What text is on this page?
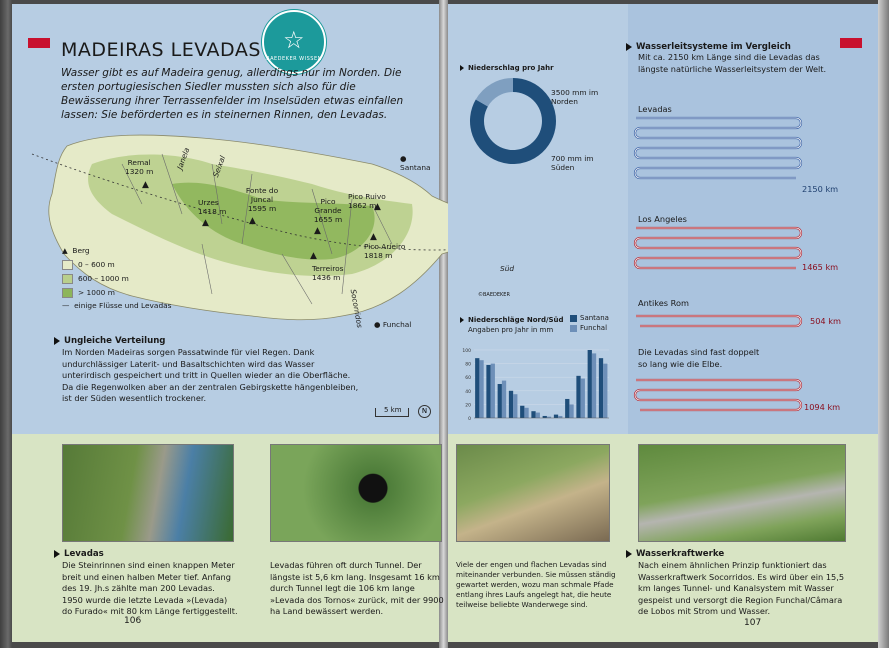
☆
BAEDEKER WISSEN
MADEIRAS LEVADAS

Wasser gibt es auf Madeira genug, allerdings nur im Norden. Die ersten portugiesischen Siedler mussten sich also für die Bewässerung ihrer Terrassenfelder im Inselsüden etwas einfallen lassen: Sie beförderten es in steinernen Rinnen, den Levadas.

Janela	Seixal
Socorridos
Remal
1320 m
Urzes
1418 m
Fonte do Juncal
1595 m
Pico Grande
1655 m
Pico Ruivo
1862 m
Pico Arieiro
1818 m
Terreiros
1436 m
▲
▲	▲
▲
▲
▲
▲
● Santana
● Funchal
▲  Berg
0 – 600 m
600 – 1000 m
> 1000 m
—  einige Flüsse und Levadas
Ungleiche Verteilung

Im Norden Madeiras sorgen Passatwinde für viel Regen. Dank undurchlässiger Laterit- und Basaltschichten wird das Wasser unterirdisch gespeichert und tritt in Quellen wieder an die Oberfläche. Da die Regenwolken aber an der zentralen Gebirgskette hängenbleiben, ist der Süden wesentlich trockener.

5 km	N
Levadas

Die Steinrinnen sind einen knappen Meter breit und einen halben Meter tief. Anfang des 19. Jh.s zählte man 200 Levadas. 1950 wurde die letzte Levada »(Levada) do Furado« mit 80 km Länge fertiggestellt.

Levadas führen oft durch Tunnel. Der längste ist 5,6 km lang. Insgesamt 16 km durch Tunnel legt die 106 km lange »Levada dos Tornos« zurück, mit der 9900 ha Land bewässert werden.

106
Niederschlag pro Jahr
3500 mm im Norden
700 mm im Süden
©BAEDEKER
Süd
Niederschläge Nord/Süd
Angaben pro Jahr in mm
Santana
Funchal
0
20
40
60
80
100
Wasserleitsysteme im Vergleich

Mit ca. 2150 km Länge sind die Levadas das längste natürliche Wasserleitsystem der Welt.

Levadas
2150 km
Los Angeles
1465 km
Antikes Rom
504 km

Die Levadas sind fast doppelt so lang wie die Elbe.

1094 km

Viele der engen und flachen Levadas sind miteinander verbunden. Sie müssen ständig gewartet werden, wozu man schmale Pfade entlang ihres Laufs angelegt hat, die heute teilweise beliebte Wanderwege sind.

Wasserkraftwerke

Nach einem ähnlichen Prinzip funktioniert das Wasserkraftwerk Socorridos. Es wird über ein 15,5 km langes Tunnel- und Kanalsystem mit Wasser gespeist und versorgt die Region Funchal/Câmara de Lobos mit Strom und Wasser.

107
